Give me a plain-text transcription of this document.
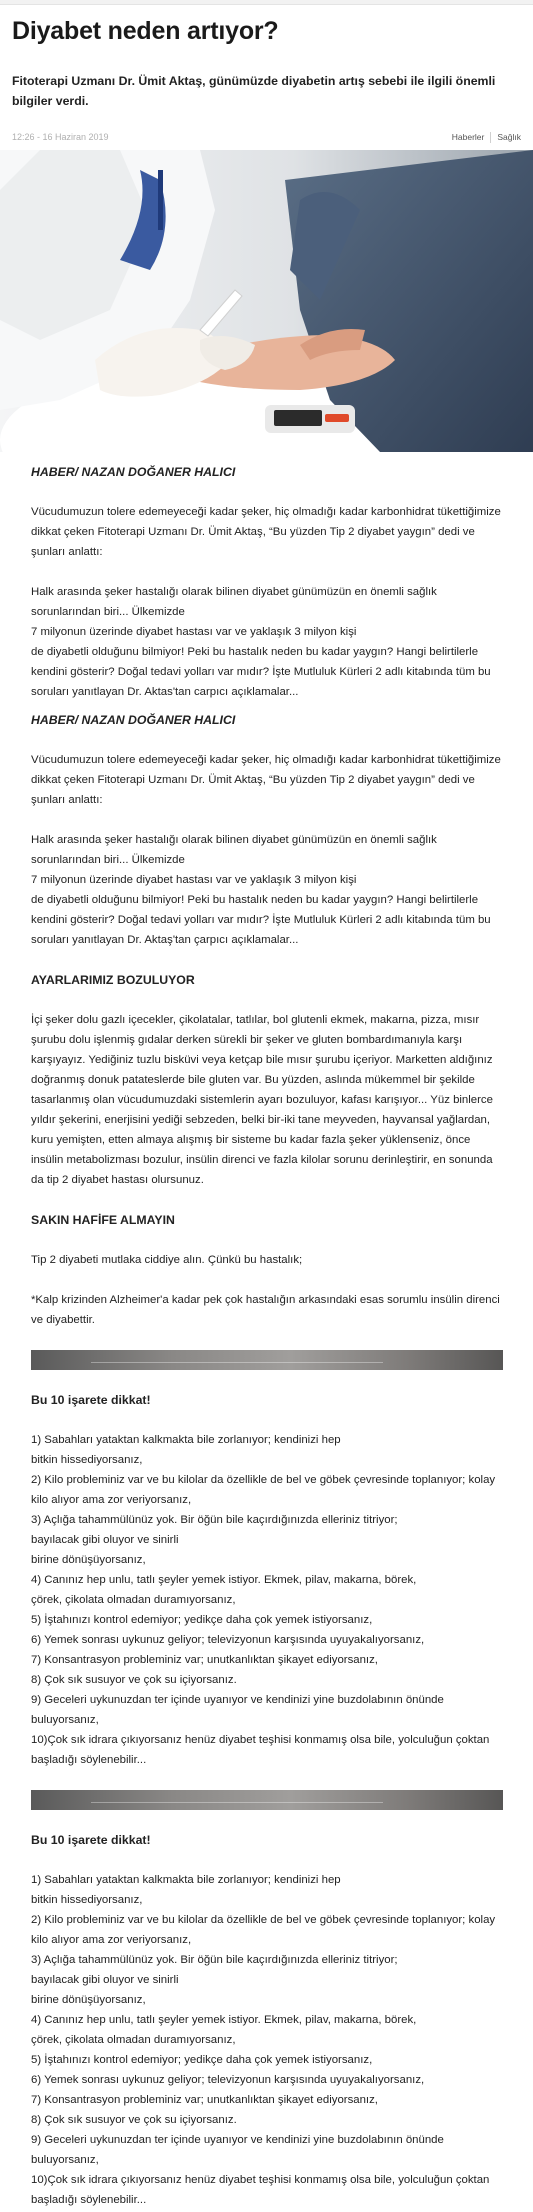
Diyabet neden artıyor?

Fitoterapi Uzmanı Dr. Ümit Aktaş, günümüzde diyabetin artış sebebi ile ilgili önemli bilgiler verdi.

12:26 - 16 Haziran 2019	Haberler Sağlık
HABER/ NAZAN DOĞANER HALICI

Vücudumuzun tolere edemeyeceği kadar şeker, hiç olmadığı kadar karbonhidrat tükettiğimize dikkat çeken Fitoterapi Uzmanı Dr. Ümit Aktaş, “Bu yüzden Tip 2 diyabet yaygın” dedi ve şunları anlattı:

Halk arasında şeker hastalığı olarak bilinen diyabet günümüzün en önemli sağlık sorunlarından biri... Ülkemizde
7 milyonun üzerinde diyabet hastası var ve yaklaşık 3 milyon kişi
de diyabetli olduğunu bilmiyor! Peki bu hastalık neden bu kadar yaygın? Hangi belirtilerle kendini gösterir? Doğal tedavi yolları var mıdır? İşte Mutluluk Kürleri 2 adlı kitabında tüm bu soruları yanıtlayan Dr. Aktas'tan carpıcı açıklamalar...

HABER/ NAZAN DOĞANER HALICI

Vücudumuzun tolere edemeyeceği kadar şeker, hiç olmadığı kadar karbonhidrat tükettiğimize dikkat çeken Fitoterapi Uzmanı Dr. Ümit Aktaş, “Bu yüzden Tip 2 diyabet yaygın” dedi ve şunları anlattı:

Halk arasında şeker hastalığı olarak bilinen diyabet günümüzün en önemli sağlık sorunlarından biri... Ülkemizde
7 milyonun üzerinde diyabet hastası var ve yaklaşık 3 milyon kişi
de diyabetli olduğunu bilmiyor! Peki bu hastalık neden bu kadar yaygın? Hangi belirtilerle kendini gösterir? Doğal tedavi yolları var mıdır? İşte Mutluluk Kürleri 2 adlı kitabında tüm bu soruları yanıtlayan Dr. Aktaş'tan çarpıcı açıklamalar...

AYARLARIMIZ BOZULUYOR

İçi şeker dolu gazlı içecekler, çikolatalar, tatlılar, bol glutenli ekmek, makarna, pizza, mısır şurubu dolu işlenmiş gıdalar derken sürekli bir şeker ve gluten bombardımanıyla karşı karşıyayız. Yediğiniz tuzlu bisküvi veya ketçap bile mısır şurubu içeriyor. Marketten aldığınız doğranmış donuk patateslerde bile gluten var. Bu yüzden, aslında mükemmel bir şekilde tasarlanmış olan vücudumuzdaki sistemlerin ayarı bozuluyor, kafası karışıyor... Yüz binlerce yıldır şekerini, enerjisini yediği sebzeden, belki bir-iki tane meyveden, hayvansal yağlardan, kuru yemişten, etten almaya alışmış bir sisteme bu kadar fazla şeker yüklenseniz, önce insülin metabolizması bozulur, insülin direnci ve fazla kilolar sorunu derinleştirir, en sonunda da tip 2 diyabet hastası olursunuz.

SAKIN HAFİFE ALMAYIN

Tip 2 diyabeti mutlaka ciddiye alın. Çünkü bu hastalık;

*Kalp krizinden Alzheimer'a kadar pek çok hastalığın arkasındaki esas sorumlu insülin direnci ve diyabettir.

Bu 10 işarete dikkat!

1) Sabahları yataktan kalkmakta bile zorlanıyor; kendinizi hep
bitkin hissediyorsanız,
2) Kilo probleminiz var ve bu kilolar da özellikle de bel ve göbek çevresinde toplanıyor; kolay kilo alıyor ama zor veriyorsanız,
3) Açlığa tahammülünüz yok. Bir öğün bile kaçırdığınızda elleriniz titriyor;
bayılacak gibi oluyor ve sinirli
birine dönüşüyorsanız,
4) Canınız hep unlu, tatlı şeyler yemek istiyor. Ekmek, pilav, makarna, börek,
çörek, çikolata olmadan duramıyorsanız,
5) İştahınızı kontrol edemiyor; yedikçe daha çok yemek istiyorsanız,
6) Yemek sonrası uykunuz geliyor; televizyonun karşısında uyuyakalıyorsanız,
7) Konsantrasyon probleminiz var; unutkanlıktan şikayet ediyorsanız,
8) Çok sık susuyor ve çok su içiyorsanız.
9) Geceleri uykunuzdan ter içinde uyanıyor ve kendinizi yine buzdolabının önünde buluyorsanız,
10)Çok sık idrara çıkıyorsanız henüz diyabet teşhisi konmamış olsa bile, yolculuğun çoktan başladığı söylenebilir...

Bu 10 işarete dikkat!

1) Sabahları yataktan kalkmakta bile zorlanıyor; kendinizi hep
bitkin hissediyorsanız,
2) Kilo probleminiz var ve bu kilolar da özellikle de bel ve göbek çevresinde toplanıyor; kolay kilo alıyor ama zor veriyorsanız,
3) Açlığa tahammülünüz yok. Bir öğün bile kaçırdığınızda elleriniz titriyor;
bayılacak gibi oluyor ve sinirli
birine dönüşüyorsanız,
4) Canınız hep unlu, tatlı şeyler yemek istiyor. Ekmek, pilav, makarna, börek,
çörek, çikolata olmadan duramıyorsanız,
5) İştahınızı kontrol edemiyor; yedikçe daha çok yemek istiyorsanız,
6) Yemek sonrası uykunuz geliyor; televizyonun karşısında uyuyakalıyorsanız,
7) Konsantrasyon probleminiz var; unutkanlıktan şikayet ediyorsanız,
8) Çok sık susuyor ve çok su içiyorsanız.
9) Geceleri uykunuzdan ter içinde uyanıyor ve kendinizi yine buzdolabının önünde buluyorsanız,
10)Çok sık idrara çıkıyorsanız henüz diyabet teşhisi konmamış olsa bile, yolculuğun çoktan başladığı söylenebilir...
